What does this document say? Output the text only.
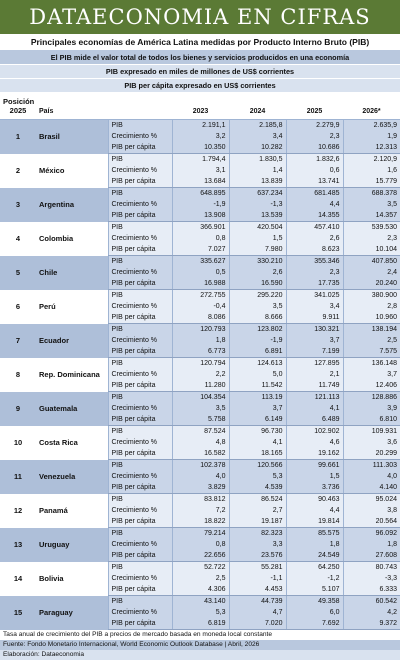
DATAECONOMIA EN CIFRAS
Principales economías de América Latina medidas por Producto Interno Bruto (PIB)
El PIB mide el valor total de todos los bienes y servicios producidos en una economía
PIB expresado en miles de millones de US$ corrientes
PIB per cápita expresado en US$ corrientes
Posición 2025	País		2023	2024	2025	2026*
1	Brasil	PIB	2.191,1	2.185,8	2.279,9	2.635,9
		Crecimiento %	3,2	3,4	2,3	1,9
		PIB per cápita	10.350	10.282	10.686	12.313
2	México	PIB	1.794,4	1.830,5	1.832,6	2.120,9
		Crecimiento %	3,1	1,4	0,6	1,6
		PIB per cápita	13.684	13.839	13.741	15.779
3	Argentina	PIB	648.895	637.234	681.485	688.378
		Crecimiento %	-1,9	-1,3	4,4	3,5
		PIB per cápita	13.908	13.539	14.355	14.357
4	Colombia	PIB	366.901	420.504	457.410	539.530
		Crecimiento %	0,8	1,5	2,6	2,3
		PIB per cápita	7.027	7.980	8.623	10.104
5	Chile	PIB	335.627	330.210	355.346	407.850
		Crecimiento %	0,5	2,6	2,3	2,4
		PIB per cápita	16.988	16.590	17.735	20.240
6	Perú	PIB	272.755	295.220	341.025	380.900
		Crecimiento %	-0,4	3,5	3,4	2,8
		PIB per cápita	8.086	8.666	9.911	10.960
7	Ecuador	PIB	120.793	123.802	130.321	138.194
		Crecimiento %	1,8	-1,9	3,7	2,5
		PIB per cápita	6.773	6.891	7.199	7.575
8	Rep. Dominicana	PIB	120.794	124.613	127.895	136.148
		Crecimiento %	2,2	5,0	2,1	3,7
		PIB per cápita	11.280	11.542	11.749	12.406
9	Guatemala	PIB	104.354	113.19	121.113	128.886
		Crecimiento %	3,5	3,7	4,1	3,9
		PIB per cápita	5.758	6.149	6.489	6.810
10	Costa Rica	PIB	87.524	96.730	102.902	109.931
		Crecimiento %	4,8	4,1	4,6	3,6
		PIB per cápita	16.582	18.165	19.162	20.299
11	Venezuela	PIB	102.378	120.566	99.661	111.303
		Crecimiento %	4,0	5,3	1,5	4,0
		PIB per cápita	3.829	4.539	3.736	4.140
12	Panamá	PIB	83.812	86.524	90.463	95.024
		Crecimiento %	7,2	2,7	4,4	3,8
		PIB per cápita	18.822	19.187	19.814	20.564
13	Uruguay	PIB	79.214	82.323	85.575	96.092
		Crecimiento %	0,8	3,3	1,8	1,8
		PIB per cápita	22.656	23.576	24.549	27.608
14	Bolivia	PIB	52.722	55.281	64.250	80.743
		Crecimiento %	2,5	-1,1	-1,2	-3,3
		PIB per cápita	4.306	4.453	5.107	6.333
15	Paraguay	PIB	43.140	44.739	49.358	60.542
		Crecimiento %	5,3	4,7	6,0	4,2
		PIB per cápita	6.819	7.020	7.692	9.372
Tasa anual de crecimiento del PIB a precios de mercado basada en moneda local constante
Fuente: Fondo Monetario Internacional, World Economic Outlook Database | Abril, 2026
Elaboración: Dataeconomia
